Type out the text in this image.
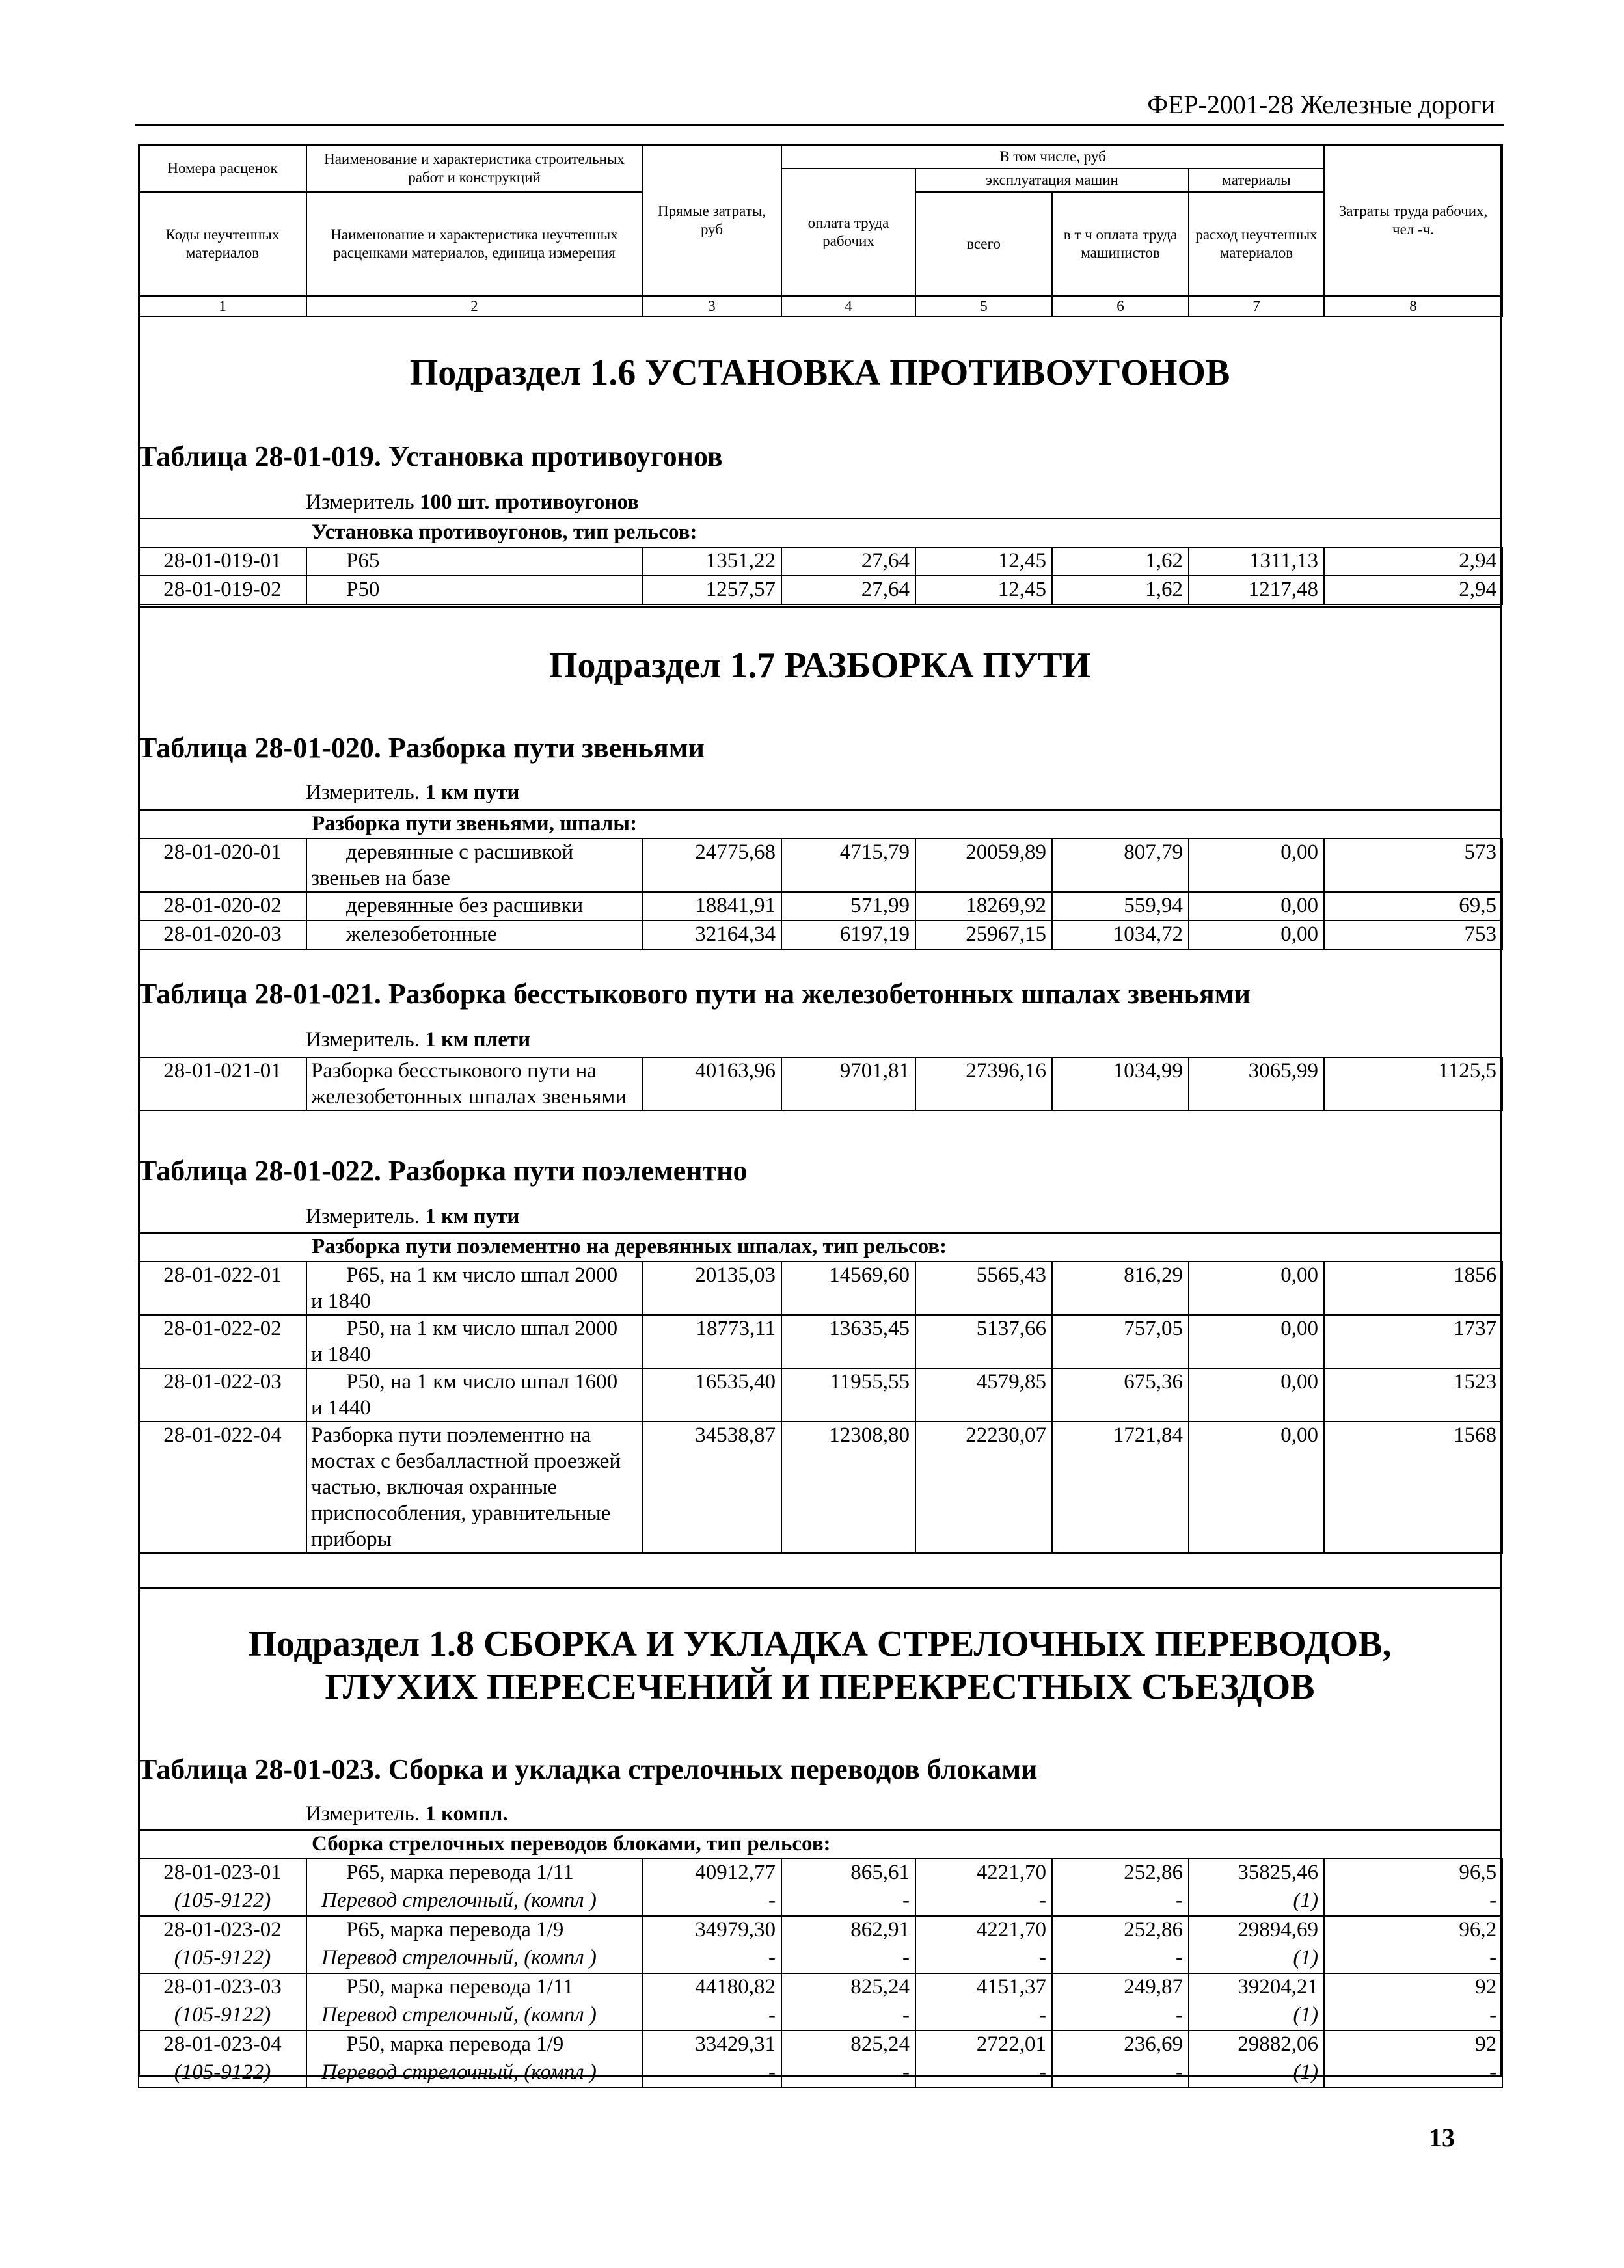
ФЕР-2001-28 Железные дороги
Номера расценок	Наименование и характеристика строительных работ и конструкций	Прямые затраты, руб	В том числе, руб				Затраты труда рабочих, чел -ч.
			оплата труда рабочих	эксплуатация машин		материалы	
Коды неучтенных материалов	Наименование и характеристика неучтенных расценками материалов, единица измерения			всего	в т ч оплата труда машинистов	расход неучтенных материалов	
1	2	3	4	5	6	7	8
Подраздел 1.6 УСТАНОВКА ПРОТИВОУГОНОВ
Таблица 28-01-019. Установка противоугонов
Измеритель 100 шт. противоугонов
	Установка противоугонов, тип рельсов:						
28-01-019-01	Р65	1351,22	27,64	12,45	1,62	1311,13	2,94
28-01-019-02	Р50	1257,57	27,64	12,45	1,62	1217,48	2,94
Подраздел 1.7 РАЗБОРКА ПУТИ
Таблица 28-01-020. Разборка пути звеньями
Измеритель. 1 км пути
	Разборка пути звеньями, шпалы:						
28-01-020-01	деревянные с расшивкой
звеньев на базе	24775,68	4715,79	20059,89	807,79	0,00	573
28-01-020-02	деревянные без расшивки	18841,91	571,99	18269,92	559,94	0,00	69,5
28-01-020-03	железобетонные	32164,34	6197,19	25967,15	1034,72	0,00	753
Таблица 28-01-021. Разборка бесстыкового пути на железобетонных шпалах звеньями
Измеритель. 1 км плети
28-01-021-01	Разборка бесстыкового пути на
железобетонных шпалах звеньями
	40163,96	9701,81	27396,16	1034,99	3065,99	1125,5
Таблица 28-01-022. Разборка пути поэлементно
Измеритель. 1 км пути
	Разборка пути поэлементно на деревянных шпалах, тип рельсов:						
28-01-022-01	Р65, на 1 км число шпал 2000
и 1840	20135,03	14569,60	5565,43	816,29	0,00	1856
28-01-022-02	Р50, на 1 км число шпал 2000
и 1840	18773,11	13635,45	5137,66	757,05	0,00	1737
28-01-022-03	Р50, на 1 км число шпал 1600
и 1440	16535,40	11955,55	4579,85	675,36	0,00	1523
28-01-022-04	Разборка пути поэлементно на
мостах с безбалластной проезжей
частью, включая охранные
приспособления, уравнительные
приборы	34538,87	12308,80	22230,07	1721,84	0,00	1568
Подраздел 1.8 СБОРКА И УКЛАДКА СТРЕЛОЧНЫХ ПЕРЕВОДОВ,
ГЛУХИХ ПЕРЕСЕЧЕНИЙ И ПЕРЕКРЕСТНЫХ СЪЕЗДОВ
Таблица 28-01-023. Сборка и укладка стрелочных переводов блоками
Измеритель. 1 компл.
	Сборка стрелочных переводов блоками, тип рельсов:						
28-01-023-01	Р65, марка перевода 1/11	40912,77	865,61	4221,70	252,86	35825,46	96,5
(105-9122)	Перевод стрелочный, (компл )	-	-	-	-	(1)	-
28-01-023-02	Р65, марка перевода 1/9	34979,30	862,91	4221,70	252,86	29894,69	96,2
(105-9122)	Перевод стрелочный, (компл )	-	-	-	-	(1)	-
28-01-023-03	Р50, марка перевода 1/11	44180,82	825,24	4151,37	249,87	39204,21	92
(105-9122)	Перевод стрелочный, (компл )	-	-	-	-	(1)	-
28-01-023-04	Р50, марка перевода 1/9	33429,31	825,24	2722,01	236,69	29882,06	92
(105-9122)	Перевод стрелочный, (компл )	-	-	-	-	(1)	-
13
